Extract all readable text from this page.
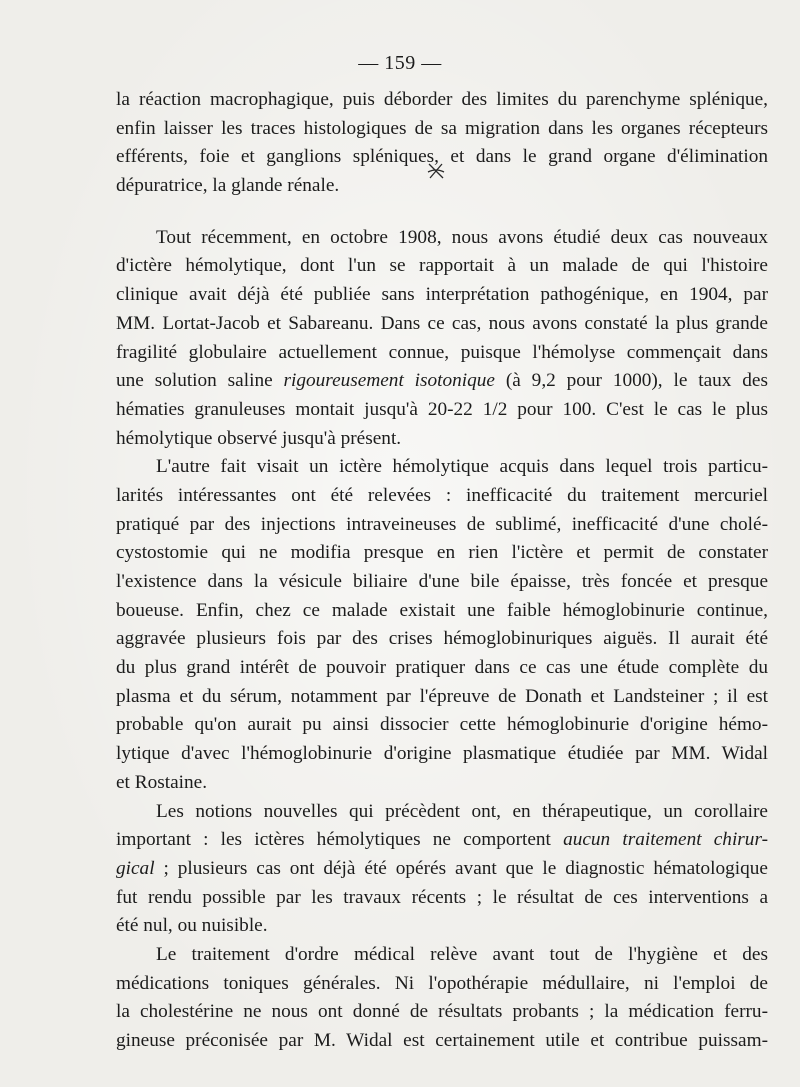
— 159 —
la réaction macrophagique, puis déborder des limites du parenchyme splénique,
enfin laisser les traces histologiques de sa migration dans les organes récepteurs
efférents, foie et ganglions spléniques, et dans le grand organe d'élimination
dépuratrice, la glande rénale.
Tout récemment, en octobre 1908, nous avons étudié deux cas nouveaux
d'ictère hémolytique, dont l'un se rapportait à un malade de qui l'histoire
clinique avait déjà été publiée sans interprétation pathogénique, en 1904, par
MM. Lortat-Jacob et Sabareanu. Dans ce cas, nous avons constaté la plus grande
fragilité globulaire actuellement connue, puisque l'hémolyse commençait dans
une solution saline rigoureusement isotonique (à 9,2 pour 1000), le taux des
hématies granuleuses montait jusqu'à 20-22 1/2 pour 100. C'est le cas le plus
hémolytique observé jusqu'à présent.
L'autre fait visait un ictère hémolytique acquis dans lequel trois particu-
larités intéressantes ont été relevées : inefficacité du traitement mercuriel
pratiqué par des injections intraveineuses de sublimé, inefficacité d'une cholé-
cystostomie qui ne modifia presque en rien l'ictère et permit de constater
l'existence dans la vésicule biliaire d'une bile épaisse, très foncée et presque
boueuse. Enfin, chez ce malade existait une faible hémoglobinurie continue,
aggravée plusieurs fois par des crises hémoglobinuriques aiguës. Il aurait été
du plus grand intérêt de pouvoir pratiquer dans ce cas une étude complète du
plasma et du sérum, notamment par l'épreuve de Donath et Landsteiner ; il est
probable qu'on aurait pu ainsi dissocier cette hémoglobinurie d'origine hémo-
lytique d'avec l'hémoglobinurie d'origine plasmatique étudiée par MM. Widal
et Rostaine.
Les notions nouvelles qui précèdent ont, en thérapeutique, un corollaire
important : les ictères hémolytiques ne comportent aucun traitement chirur-
gical ; plusieurs cas ont déjà été opérés avant que le diagnostic hématologique
fut rendu possible par les travaux récents ; le résultat de ces interventions a
été nul, ou nuisible.
Le traitement d'ordre médical relève avant tout de l'hygiène et des
médications toniques générales. Ni l'opothérapie médullaire, ni l'emploi de
la cholestérine ne nous ont donné de résultats probants ; la médication ferru-
gineuse préconisée par M. Widal est certainement utile et contribue puissam-
